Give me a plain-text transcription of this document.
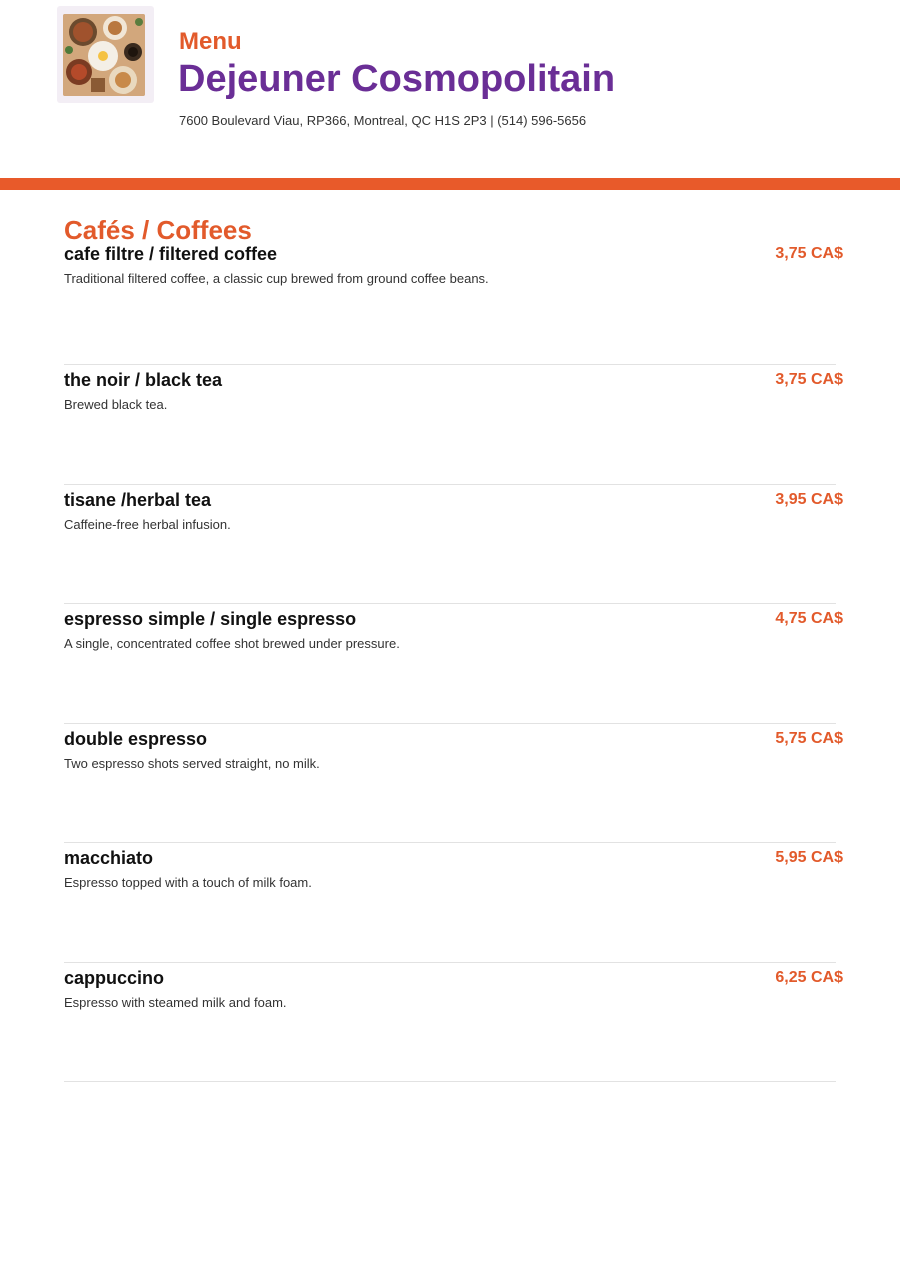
Menu
Dejeuner Cosmopolitain
7600 Boulevard Viau, RP366, Montreal, QC H1S 2P3 | (514) 596-5656
Cafés / Coffees
cafe filtre / filtered coffee	3,75 CA$
Traditional filtered coffee, a classic cup brewed from ground coffee beans.
the noir / black tea	3,75 CA$
Brewed black tea.
tisane /herbal tea	3,95 CA$
Caffeine-free herbal infusion.
espresso simple / single espresso	4,75 CA$
A single, concentrated coffee shot brewed under pressure.
double espresso	5,75 CA$
Two espresso shots served straight, no milk.
macchiato	5,95 CA$
Espresso topped with a touch of milk foam.
cappuccino	6,25 CA$
Espresso with steamed milk and foam.
